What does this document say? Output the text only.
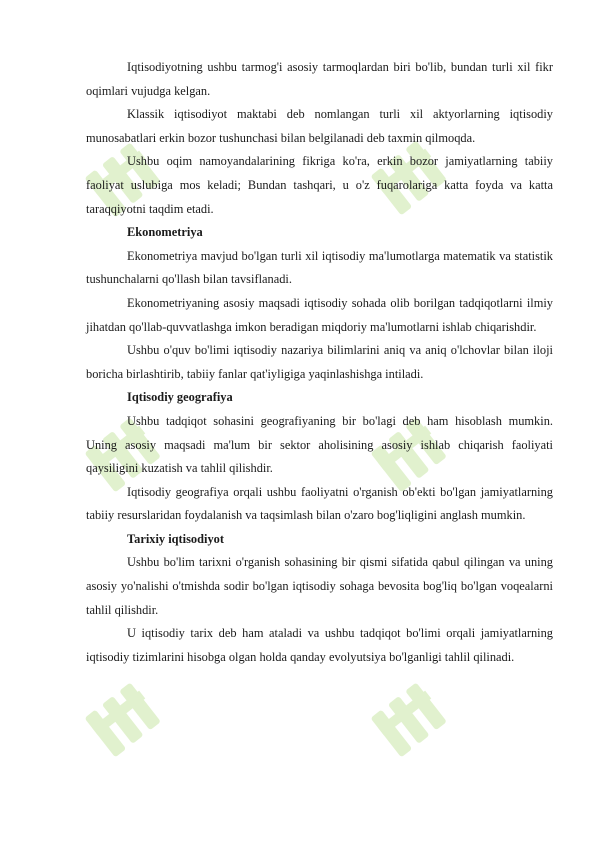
Iqtisodiyotning ushbu tarmog'i asosiy tarmoqlardan biri bo'lib, bundan turli xil fikr oqimlari vujudga kelgan.

Klassik iqtisodiyot maktabi deb nomlangan turli xil aktyorlarning iqtisodiy munosabatlari erkin bozor tushunchasi bilan belgilanadi deb taxmin qilmoqda.

Ushbu oqim namoyandalarining fikriga ko'ra, erkin bozor jamiyatlarning tabiiy faoliyat uslubiga mos keladi; Bundan tashqari, u o'z fuqarolariga katta foyda va katta taraqqiyotni taqdim etadi.

Ekonometriya

Ekonometriya mavjud bo'lgan turli xil iqtisodiy ma'lumotlarga matematik va statistik tushunchalarni qo'llash bilan tavsiflanadi.

Ekonometriyaning asosiy maqsadi iqtisodiy sohada olib borilgan tadqiqotlarni ilmiy jihatdan qo'llab-quvvatlashga imkon beradigan miqdoriy ma'lumotlarni ishlab chiqarishdir.

Ushbu o'quv bo'limi iqtisodiy nazariya bilimlarini aniq va aniq o'lchovlar bilan iloji boricha birlashtirib, tabiiy fanlar qat'iyligiga yaqinlashishga intiladi.

Iqtisodiy geografiya

Ushbu tadqiqot sohasini geografiyaning bir bo'lagi deb ham hisoblash mumkin. Uning asosiy maqsadi ma'lum bir sektor aholisining asosiy ishlab chiqarish faoliyati qaysiligini kuzatish va tahlil qilishdir.

Iqtisodiy geografiya orqali ushbu faoliyatni o'rganish ob'ekti bo'lgan jamiyatlarning tabiiy resurslaridan foydalanish va taqsimlash bilan o'zaro bog'liqligini anglash mumkin.

Tarixiy iqtisodiyot

Ushbu bo'lim tarixni o'rganish sohasining bir qismi sifatida qabul qilingan va uning asosiy yo'nalishi o'tmishda sodir bo'lgan iqtisodiy sohaga bevosita bog'liq bo'lgan voqealarni tahlil qilishdir.

U iqtisodiy tarix deb ham ataladi va ushbu tadqiqot bo'limi orqali jamiyatlarning iqtisodiy tizimlarini hisobga olgan holda qanday evolyutsiya bo'lganligi tahlil qilinadi.
